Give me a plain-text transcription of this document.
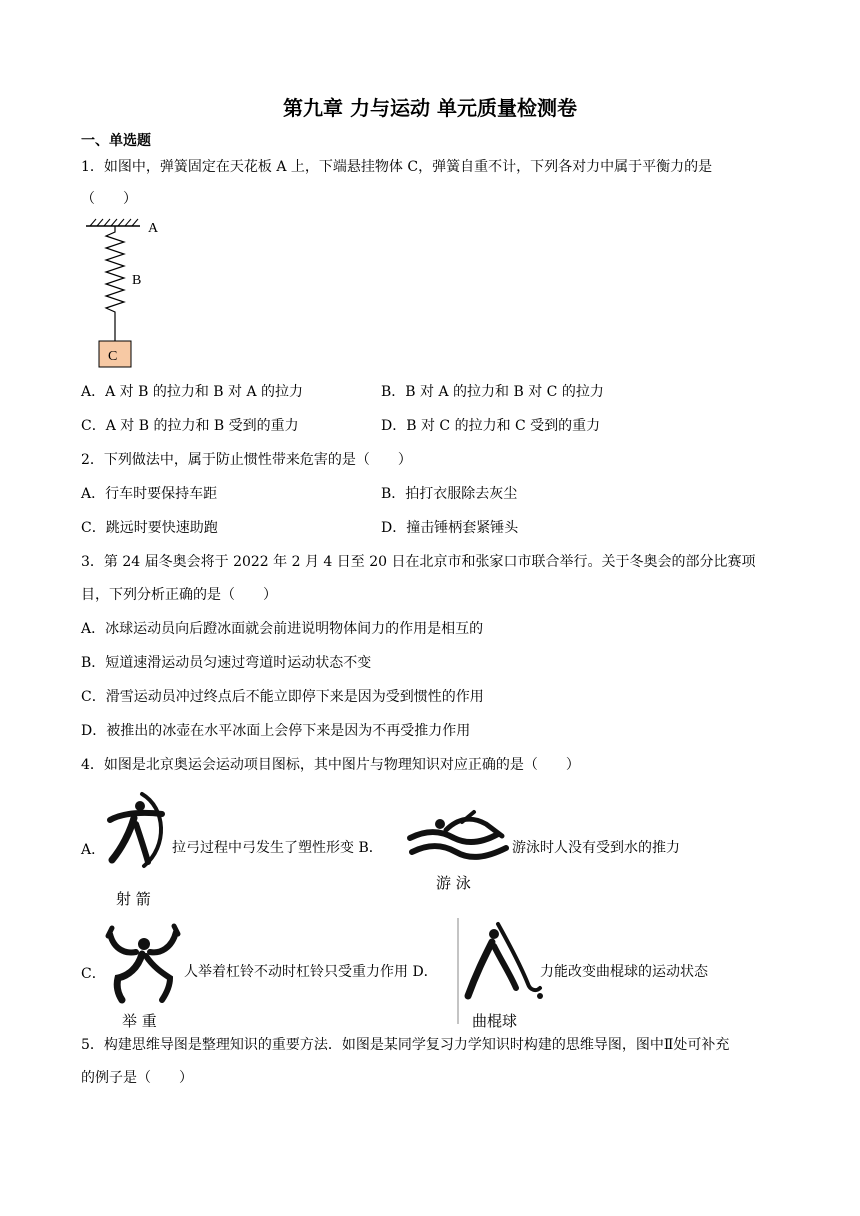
第九章 力与运动 单元质量检测卷
一、单选题
1．如图中，弹簧固定在天花板 A 上，下端悬挂物体 C，弹簧自重不计，下列各对力中属于平衡力的是
（　　）
A
B
C
A．A 对 B 的拉力和 B 对 A 的拉力	B．B 对 A 的拉力和 B 对 C 的拉力
C．A 对 B 的拉力和 B 受到的重力	D．B 对 C 的拉力和 C 受到的重力
2．下列做法中，属于防止惯性带来危害的是（　　）
A．行车时要保持车距	B．拍打衣服除去灰尘
C．跳远时要快速助跑	D．撞击锤柄套紧锤头
3．第 24 届冬奥会将于 2022 年 2 月 4 日至 20 日在北京市和张家口市联合举行。关于冬奥会的部分比赛项
目，下列分析正确的是（　　）
A．冰球运动员向后蹬冰面就会前进说明物体间力的作用是相互的
B．短道速滑运动员匀速过弯道时运动状态不变
C．滑雪运动员冲过终点后不能立即停下来是因为受到惯性的作用
D．被推出的冰壶在水平冰面上会停下来是因为不再受推力作用
4．如图是北京奥运会运动项目图标，其中图片与物理知识对应正确的是（　　）
A．	拉弓过程中弓发生了塑性形变 B．
射 箭
游泳时人没有受到水的推力
游 泳
C．	人举着杠铃不动时杠铃只受重力作用 D．
举 重
力能改变曲棍球的运动状态
曲棍球
5．构建思维导图是整理知识的重要方法．如图是某同学复习力学知识时构建的思维导图，图中Ⅱ处可补充
的例子是（　　）
